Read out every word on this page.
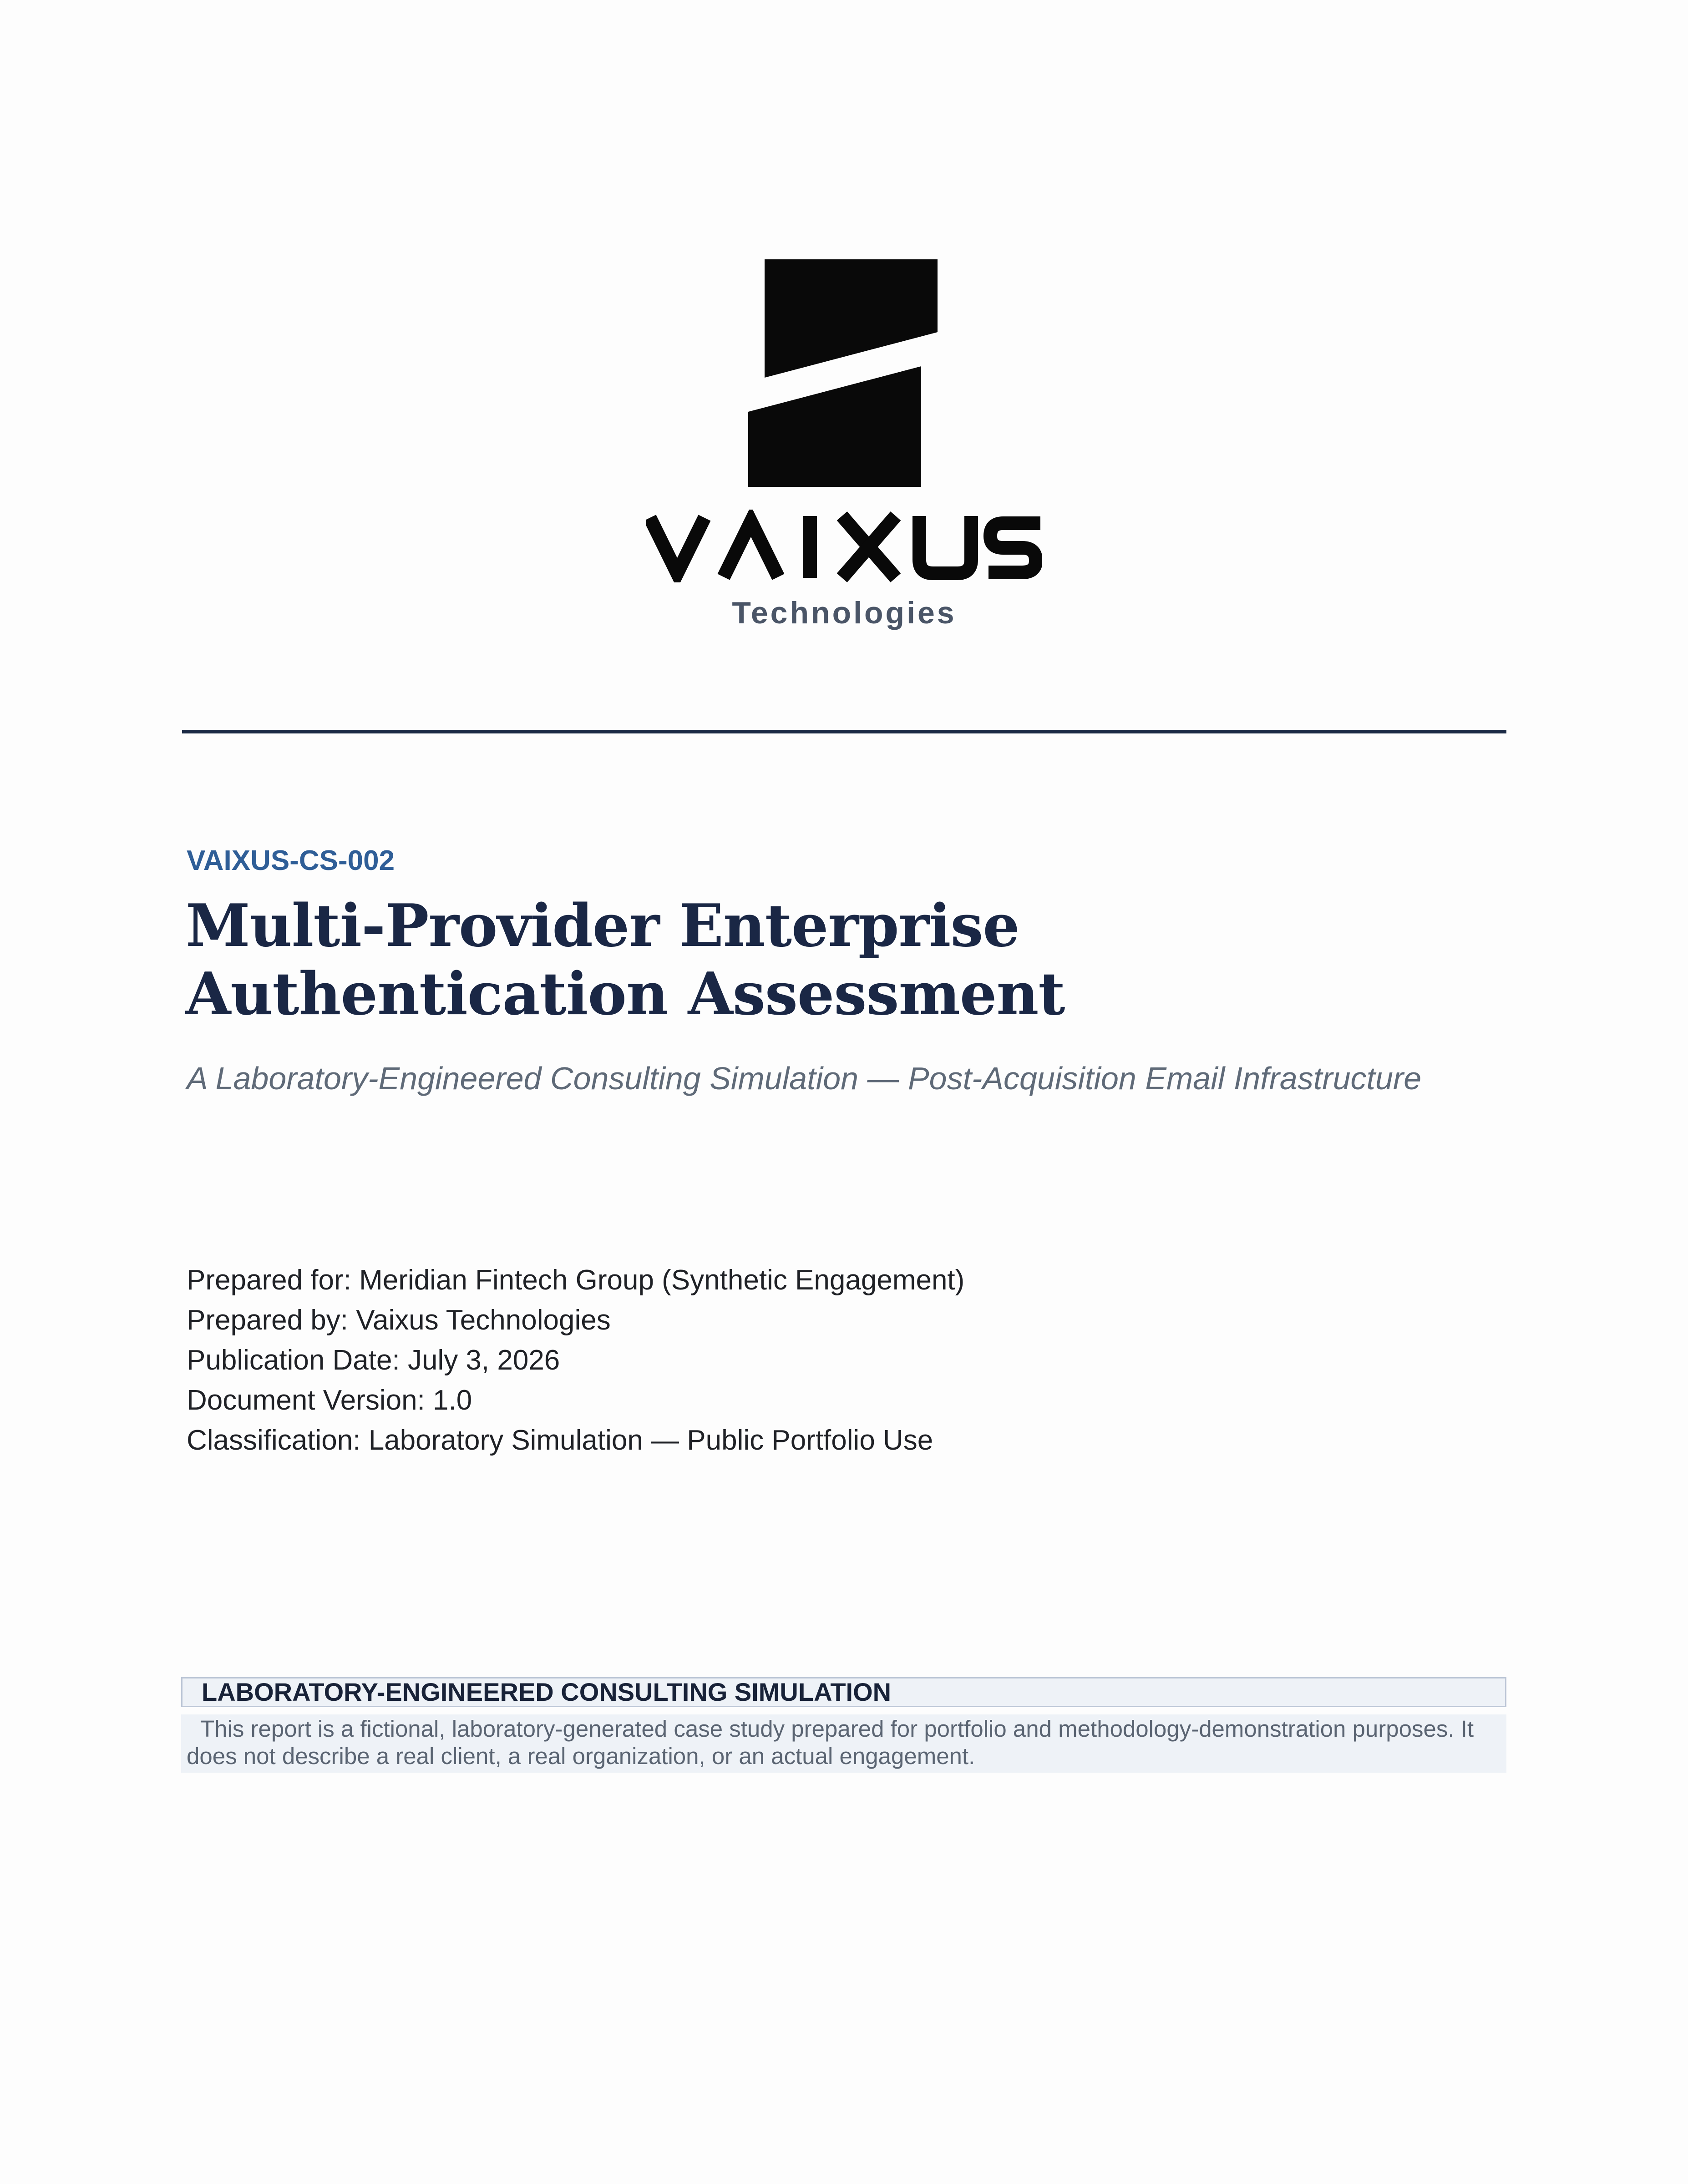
Technologies

VAIXUS-CS-002

Multi-Provider Enterprise Authentication Assessment

A Laboratory-Engineered Consulting Simulation — Post-Acquisition Email Infrastructure

Prepared for: Meridian Fintech Group (Synthetic Engagement)
Prepared by: Vaixus Technologies
Publication Date: July 3, 2026
Document Version: 1.0
Classification: Laboratory Simulation — Public Portfolio Use

LABORATORY-ENGINEERED CONSULTING SIMULATION

This report is a fictional, laboratory-generated case study prepared for portfolio and methodology-demonstration purposes. It does not describe a real client, a real organization, or an actual engagement.
